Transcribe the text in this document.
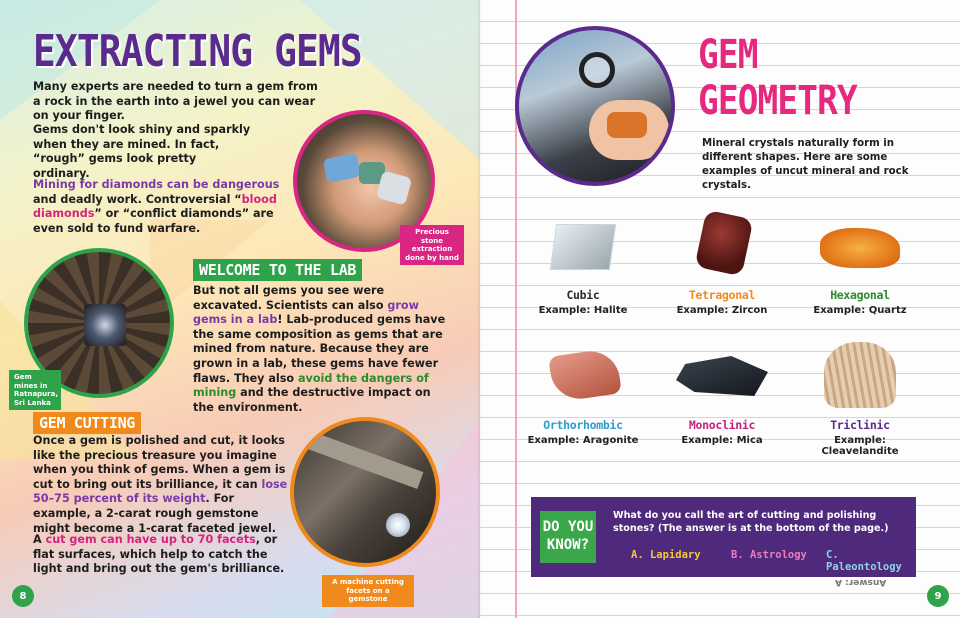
EXTRACTING GEMS
Many experts are needed to turn a gem from a rock in the earth into a jewel you can wear on your finger.
Gems don't look shiny and sparkly when they are mined. In fact, “rough” gems look pretty ordinary.
Mining for diamonds can be dangerous and deadly work. Controversial “blood diamonds” or “conflict diamonds” are even sold to fund warfare.	Precious stone extraction done by hand
Gem mines in Ratnapura, Sri Lanka
WELCOME TO THE LAB
But not all gems you see were excavated. Scientists can also grow gems in a lab! Lab-produced gems have the same composition as gems that are mined from nature. Because they are grown in a lab, these gems have fewer flaws. They also avoid the dangers of mining and the destructive impact on the environment.
GEM CUTTING
Once a gem is polished and cut, it looks like the precious treasure you imagine when you think of gems. When a gem is cut to bring out its brilliance, it can lose 50–75 percent of its weight. For example, a 2-carat rough gemstone might become a 1-carat faceted jewel.
A cut gem can have up to 70 facets, or flat surfaces, which help to catch the light and bring out the gem's brilliance.
A machine cutting facets on a gemstone
8
GEM
GEOMETRY
Mineral crystals naturally form in different shapes. Here are some examples of uncut mineral and rock crystals.
Cubic
Example: Halite
Tetragonal
Example: Zircon
Hexagonal
Example: Quartz
Orthorhombic
Example: Aragonite
Monoclinic
Example: Mica
Triclinic
Example: Cleavelandite
DO YOU KNOW?
What do you call the art of cutting and polishing stones? (The answer is at the bottom of the page.)
A. Lapidary	B. Astrology C. Paleontology
Answer: A
9
